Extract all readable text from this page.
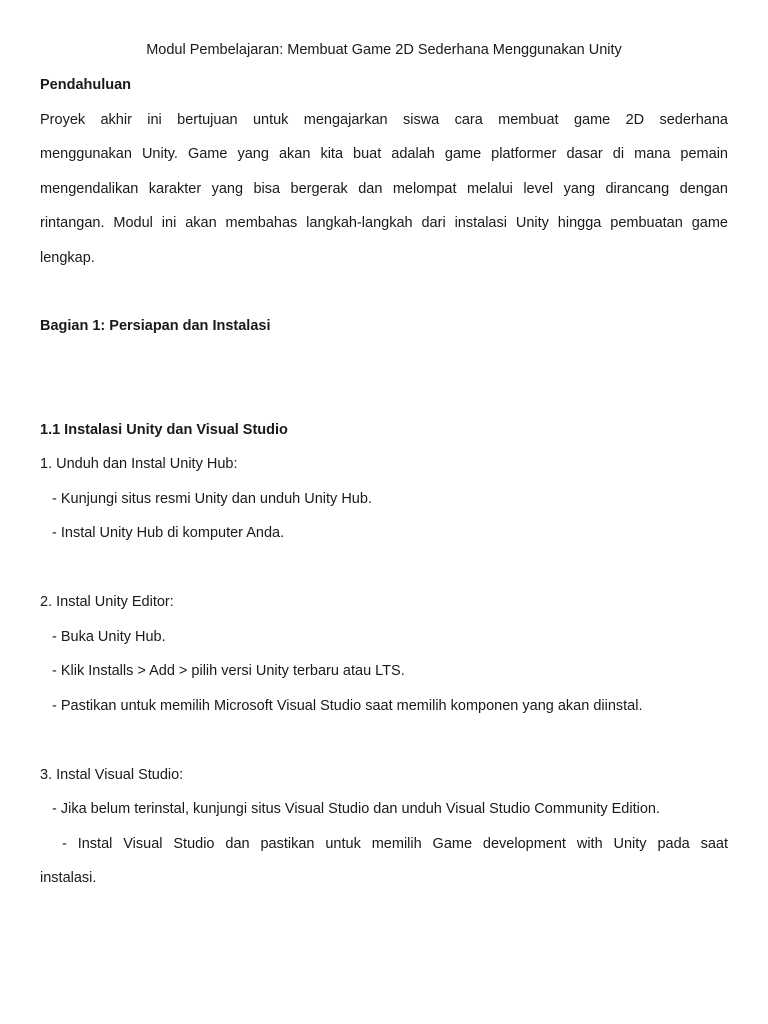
Modul Pembelajaran: Membuat Game 2D Sederhana Menggunakan Unity
Pendahuluan
Proyek akhir ini bertujuan untuk mengajarkan siswa cara membuat game 2D sederhana
menggunakan Unity. Game yang akan kita buat adalah game platformer dasar di mana pemain
mengendalikan karakter yang bisa bergerak dan melompat melalui level yang dirancang dengan
rintangan. Modul ini akan membahas langkah-langkah dari instalasi Unity hingga pembuatan game
lengkap.
Bagian 1: Persiapan dan Instalasi
1.1 Instalasi Unity dan Visual Studio
1. Unduh dan Instal Unity Hub:
- Kunjungi situs resmi Unity dan unduh Unity Hub.
- Instal Unity Hub di komputer Anda.
2. Instal Unity Editor:
- Buka Unity Hub.
- Klik Installs > Add > pilih versi Unity terbaru atau LTS.
- Pastikan untuk memilih Microsoft Visual Studio saat memilih komponen yang akan diinstal.
3. Instal Visual Studio:
- Jika belum terinstal, kunjungi situs Visual Studio dan unduh Visual Studio Community Edition.
- Instal Visual Studio dan pastikan untuk memilih Game development with Unity pada saat
instalasi.
